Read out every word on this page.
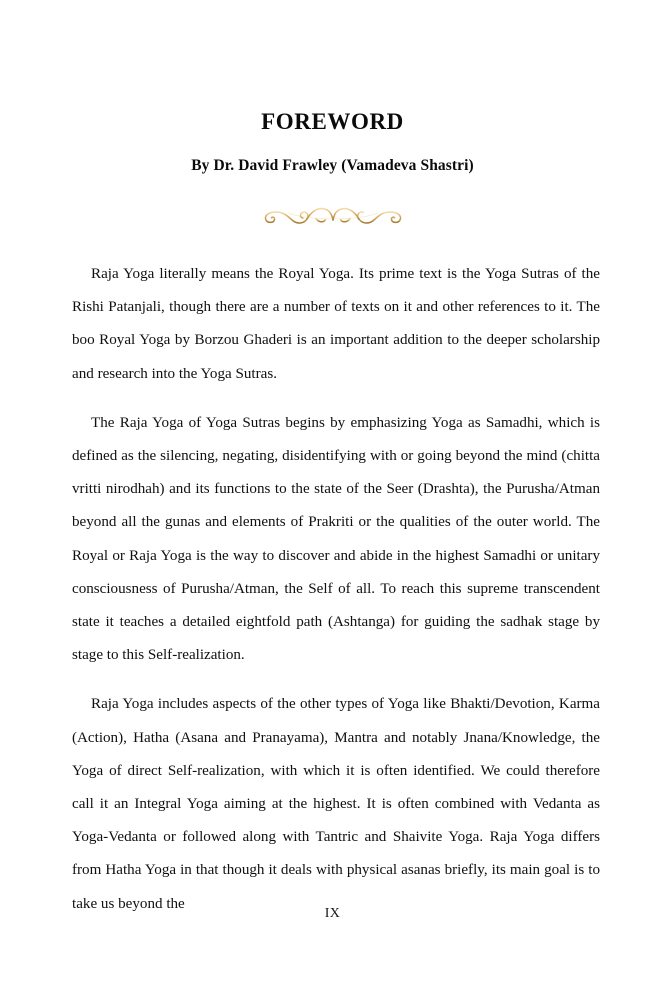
FOREWORD

By Dr. David Frawley (Vamadeva Shastri)

Raja Yoga literally means the Royal Yoga. Its prime text is the Yoga Sutras of the Rishi Patanjali, though there are a number of texts on it and other references to it. The boo Royal Yoga by Borzou Ghaderi is an important addition to the deeper scholarship and research into the Yoga Sutras.

The Raja Yoga of Yoga Sutras begins by emphasizing Yoga as Samadhi, which is defined as the silencing, negating, disidentifying with or going beyond the mind (chitta vritti nirodhah) and its functions to the state of the Seer (Drashta), the Purusha/Atman beyond all the gunas and elements of Prakriti or the qualities of the outer world. The Royal or Raja Yoga is the way to discover and abide in the highest Samadhi or unitary consciousness of Purusha/Atman, the Self of all. To reach this supreme transcendent state it teaches a detailed eightfold path (Ashtanga) for guiding the sadhak stage by stage to this Self-realization.

Raja Yoga includes aspects of the other types of Yoga like Bhakti/Devotion, Karma (Action), Hatha (Asana and Pranayama), Mantra and notably Jnana/Knowledge, the Yoga of direct Self-realization, with which it is often identified. We could therefore call it an Integral Yoga aiming at the highest. It is often combined with Vedanta as Yoga-Vedanta or followed along with Tantric and Shaivite Yoga. Raja Yoga differs from Hatha Yoga in that though it deals with physical asanas briefly, its main goal is to take us beyond the

IX
